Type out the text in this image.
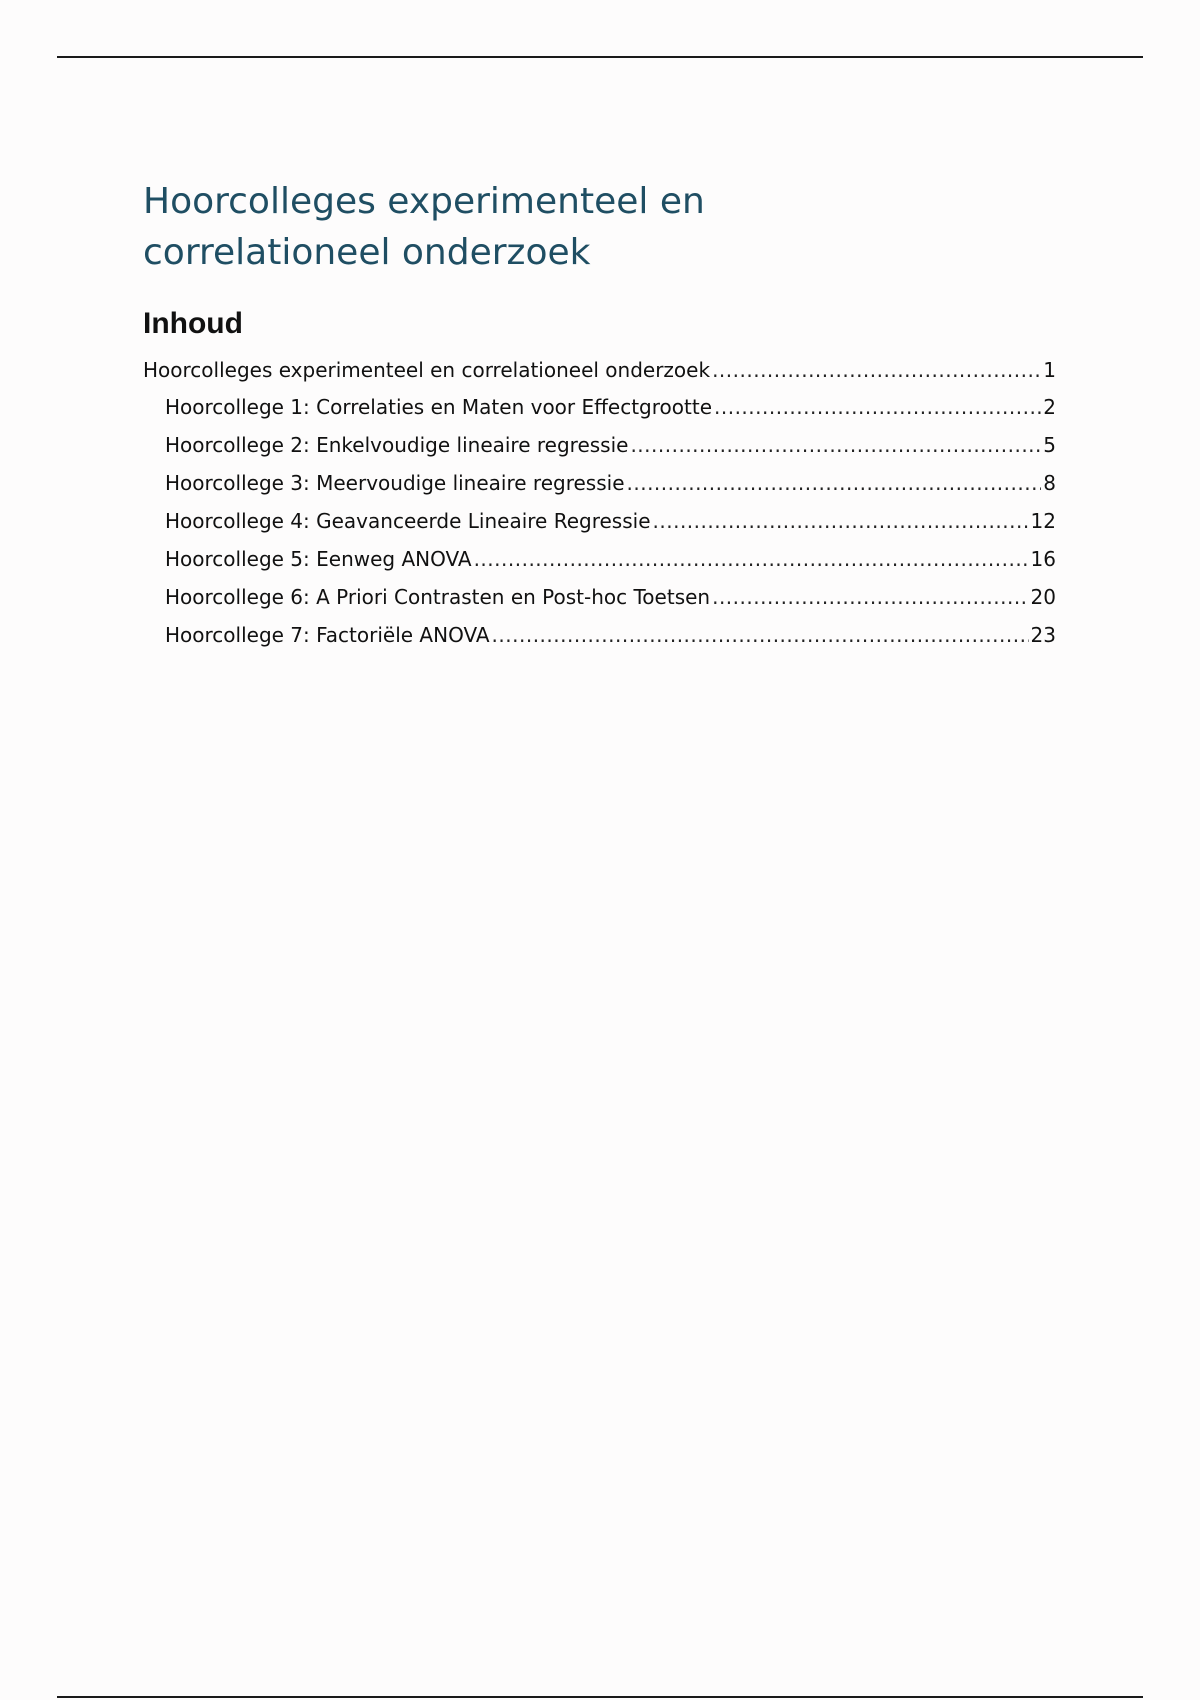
Hoorcolleges experimenteel en
correlationeel onderzoek
Inhoud
Hoorcolleges experimenteel en correlationeel onderzoek .....	1
Hoorcollege 1: Correlaties en Maten voor Effectgrootte .....	2
Hoorcollege 2: Enkelvoudige lineaire regressie .....	5
Hoorcollege 3: Meervoudige lineaire regressie .....	8
Hoorcollege 4: Geavanceerde Lineaire Regressie .....	12
Hoorcollege 5: Eenweg ANOVA .....	16
Hoorcollege 6: A Priori Contrasten en Post-hoc Toetsen .....	20
Hoorcollege 7: Factoriële ANOVA .....	23
